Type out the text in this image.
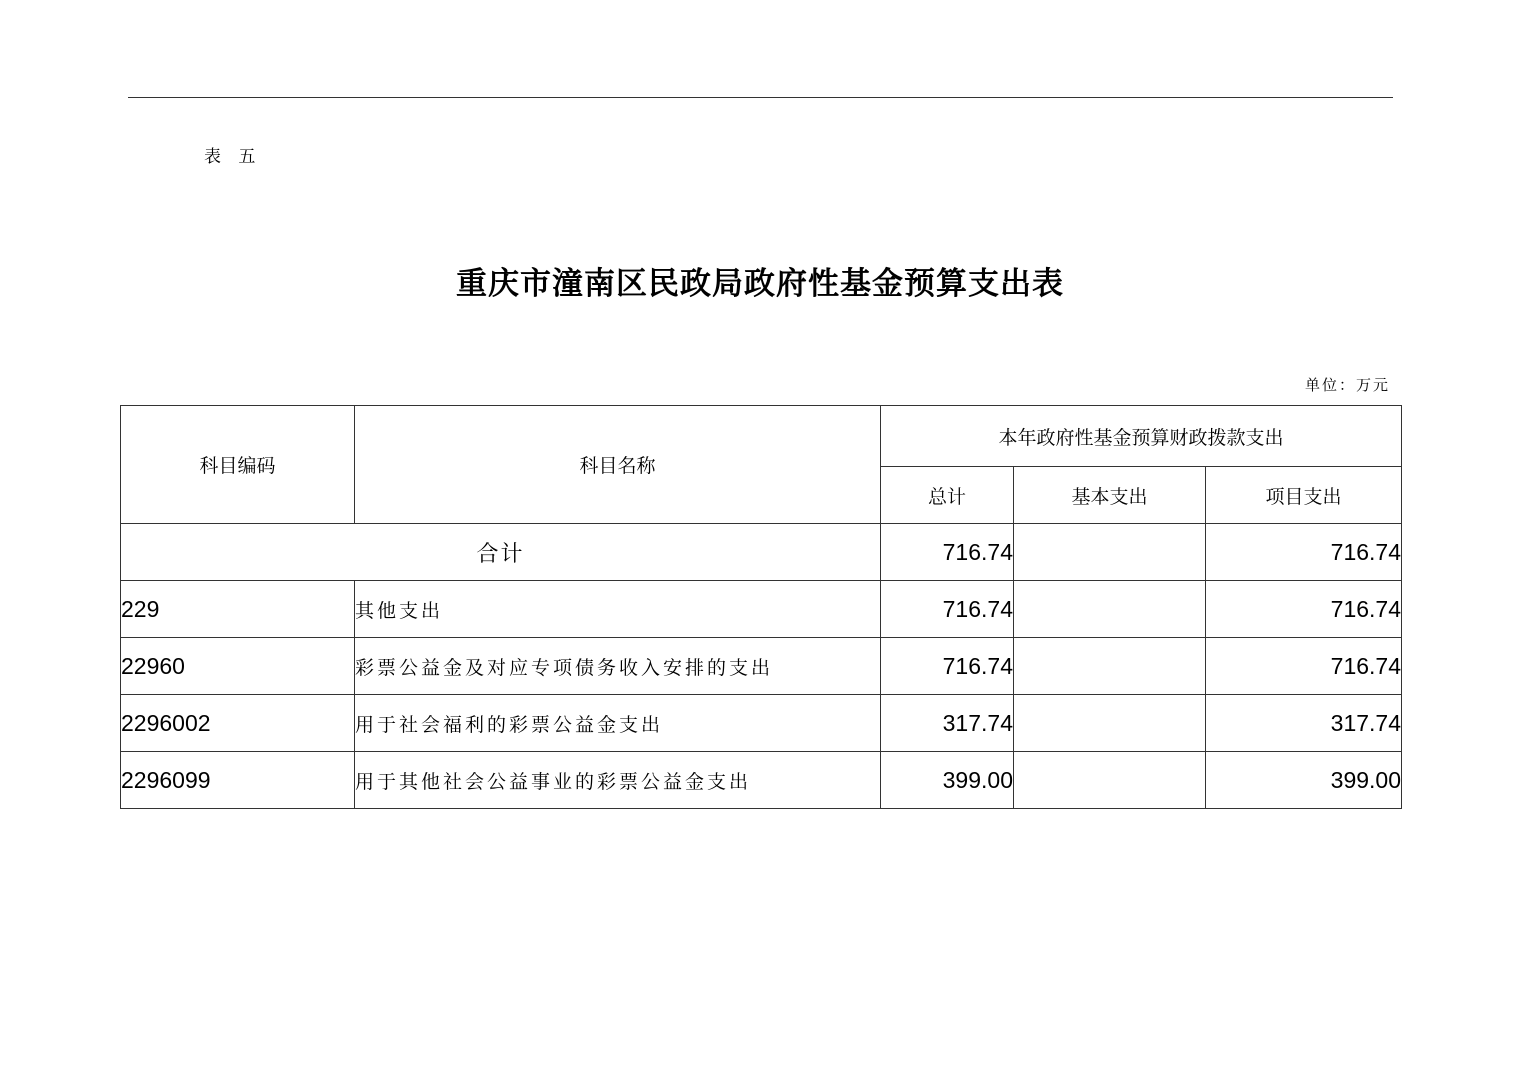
表 五
重庆市潼南区民政局政府性基金预算支出表
单位：万元
科目编码	科目名称	本年政府性基金预算财政拨款支出		
		总计	基本支出	项目支出
合计		716.74		716.74
229	其他支出	716.74		716.74
22960	彩票公益金及对应专项债务收入安排的支出	716.74		716.74
2296002	用于社会福利的彩票公益金支出	317.74		317.74
2296099	用于其他社会公益事业的彩票公益金支出	399.00		399.00
